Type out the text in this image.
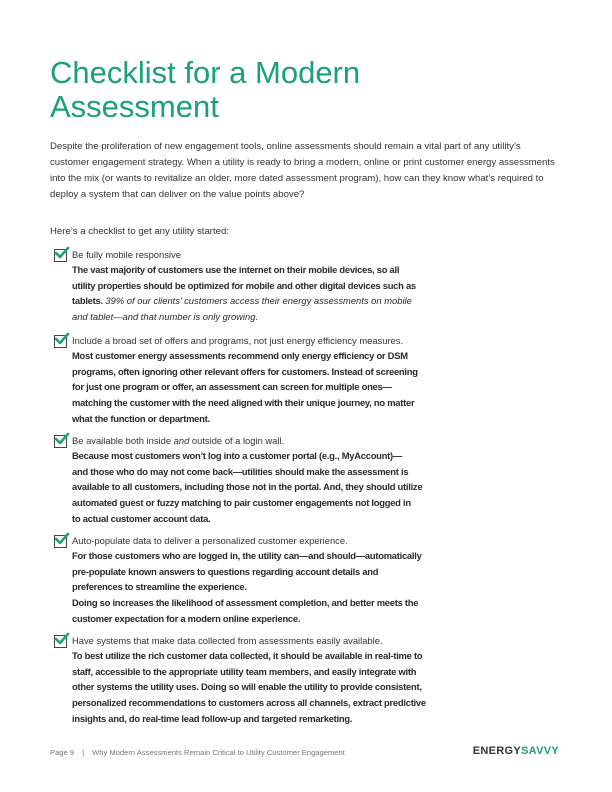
Checklist for a Modern Assessment

Despite the proliferation of new engagement tools, online assessments should remain a vital part of any utility’s customer engagement strategy. When a utility is ready to bring a modern, online or print customer energy assessments into the mix (or wants to revitalize an older, more dated assessment program), how can they know what’s required to deploy a system that can deliver on the value points above?

Here’s a checklist to get any utility started:

Be fully mobile responsive
The vast majority of customers use the internet on their mobile devices, so all
utility properties should be optimized for mobile and other digital devices such as
tablets. 39% of our clients’ customers access their energy assessments on mobile
and tablet—and that number is only growing.
Include a broad set of offers and programs, not just energy efficiency measures.
Most customer energy assessments recommend only energy efficiency or DSM
programs, often ignoring other relevant offers for customers. Instead of screening
for just one program or offer, an assessment can screen for multiple ones—
matching the customer with the need aligned with their unique journey, no matter
what the function or department.
Be available both inside and outside of a login wall.
Because most customers won’t log into a customer portal (e.g., MyAccount)—
and those who do may not come back—utilities should make the assessment is
available to all customers, including those not in the portal. And, they should utilize
automated guest or fuzzy matching to pair customer engagements not logged in
to actual customer account data.
Auto-populate data to deliver a personalized customer experience.
For those customers who are logged in, the utility can—and should—automatically
pre-populate known answers to questions regarding account details and
preferences to streamline the experience.
Doing so increases the likelihood of assessment completion, and better meets the
customer expectation for a modern online experience.
Have systems that make data collected from assessments easily available.
To best utilize the rich customer data collected, it should be available in real-time to
staff, accessible to the appropriate utility team members, and easily integrate with
other systems the utility uses. Doing so will enable the utility to provide consistent,
personalized recommendations to customers across all channels, extract predictive
insights and, do real-time lead follow-up and targeted remarketing.
Page 9 | Why Modern Assessments Remain Critical to Utility Customer Engagement	ENERGYSAVVY
